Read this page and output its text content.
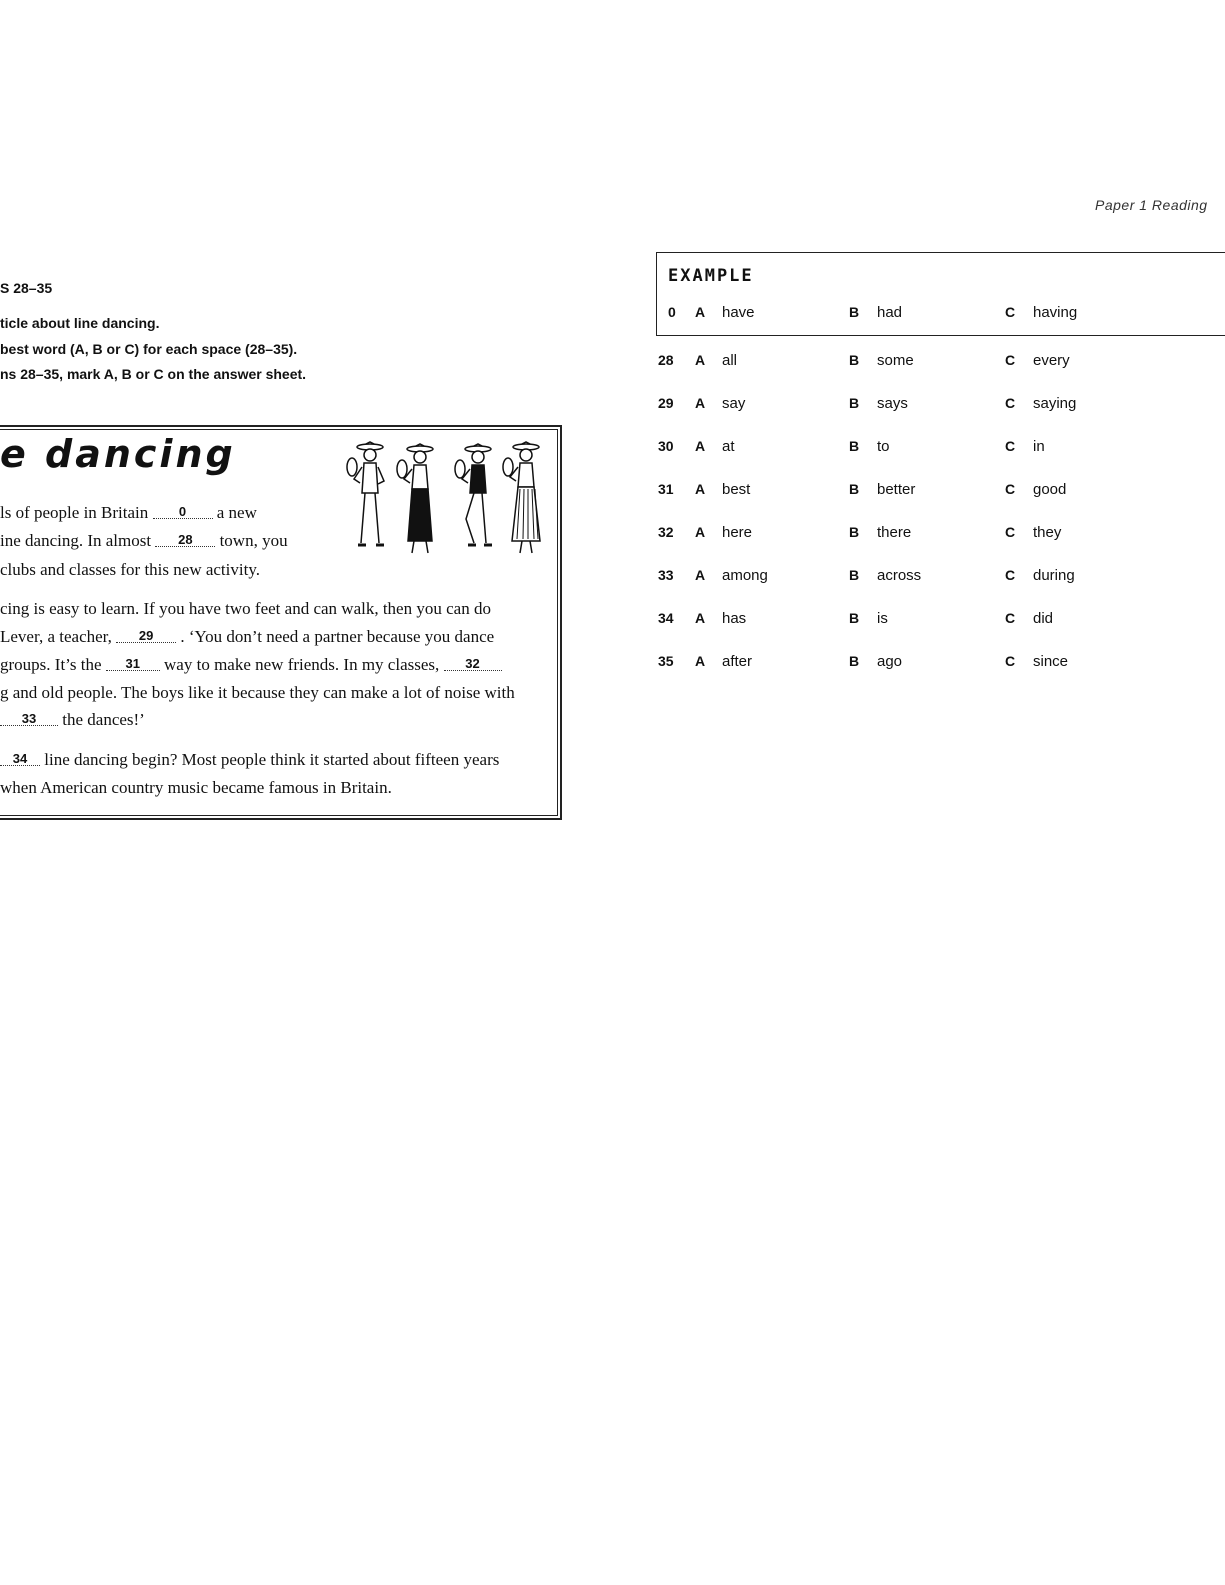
Paper 1 Reading
S 28–35
ticle about line dancing.
best word (A, B or C) for each space (28–35).
ns 28–35, mark A, B or C on the answer sheet.
e dancing
ls of people in Britain 0 a new
ine dancing. In almost 28 town, you
clubs and classes for this new activity.
cing is easy to learn. If you have two feet and can walk, then you can do
Lever, a teacher, 29 . ‘You don’t need a partner because you dance
groups. It’s the 31 way to make new friends. In my classes, 32
g and old people. The boys like it because they can make a lot of noise with
33 the dances!’
34 line dancing begin? Most people think it started about fifteen years
when American country music became famous in Britain.
EXAMPLE
0 A have	B had	C having
28 A all	B some	C every
29 A say	B says	C saying
30 A at	B to	C in
31 A best	B better	C good
32 A here	B there	C they
33 A among	B across	C during
34 A has	B is	C did
35 A after	B ago	C since
